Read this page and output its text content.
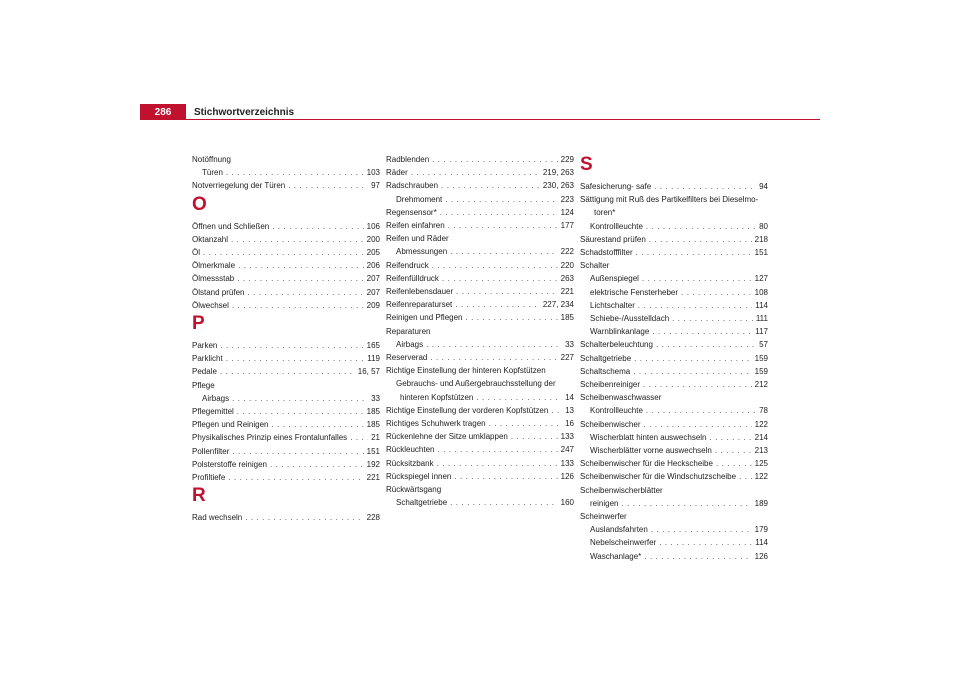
286	Stichwortverzeichnis
Notöffnung
Türen . . .	103
Notverriegelung der Türen . . .	97
O
Öffnen und Schließen . . .	106
Oktanzahl . . .	200
Öl . . .	205
Ölmerkmale . . .	206
Ölmessstab . . .	207
Ölstand prüfen . . .	207
Ölwechsel . . .	209
P
Parken . . .	165
Parklicht . . .	119
Pedale . . .	16, 57
Pflege
Airbags . . .	33
Pflegemittel . . .	185
Pflegen und Reinigen . . .	185
Physikalisches Prinzip eines Frontalunfalles . . .	21
Pollenfilter . . .	151
Polsterstoffe reinigen . . .	192
Profiltiefe . . .	221
R
Rad wechseln . . .	228
Radblenden . . .	229
Räder . . .	219, 263
Radschrauben . . .	230, 263
Drehmoment . . .	223
Regensensor* . . .	124
Reifen einfahren . . .	177
Reifen und Räder
Abmessungen . . .	222
Reifendruck . . .	220
Reifenfülldruck . . .	263
Reifenlebensdauer . . .	221
Reifenreparaturset . . .	227, 234
Reinigen und Pflegen . . .	185
Reparaturen
Airbags . . .	33
Reserverad . . .	227
Richtige Einstellung der hinteren Kopfstützen
Gebrauchs- und Außergebrauchsstellung der
hinteren Kopfstützen . . .	14
Richtige Einstellung der vorderen Kopfstützen . . . 13
Richtiges Schuhwerk tragen . . .	16
Rückenlehne der Sitze umklappen . . .	133
Rückleuchten . . .	247
Rücksitzbank . . .	133
Rückspiegel innen . . .	126
Rückwärtsgang
Schaltgetriebe . . .	160
S
Safesicherung- safe . . .	94
Sättigung mit Ruß des Partikelfilters bei Dieselmo-
toren*
Kontrollleuchte . . .	80
Säurestand prüfen . . .	218
Schadstofffilter . . .	151
Schalter
Außenspiegel . . .	127
elektrische Fensterheber . . .	108
Lichtschalter . . .	114
Schiebe-/Ausstelldach . . .	111
Warnblinkanlage . . .	117
Schalterbeleuchtung . . .	57
Schaltgetriebe . . .	159
Schaltschema . . .	159
Scheibenreiniger . . .	212
Scheibenwaschwasser
Kontrollleuchte . . .	78
Scheibenwischer . . .	122
Wischerblatt hinten auswechseln . . .	214
Wischerblätter vorne auswechseln . . .	213
Scheibenwischer für die Heckscheibe . . .	125
Scheibenwischer für die Windschutzscheibe . . . 122
Scheibenwischerblätter
reinigen . . .	189
Scheinwerfer
Auslandsfahrten . . .	179
Nebelscheinwerfer . . .	114
Waschanlage* . . .	126
